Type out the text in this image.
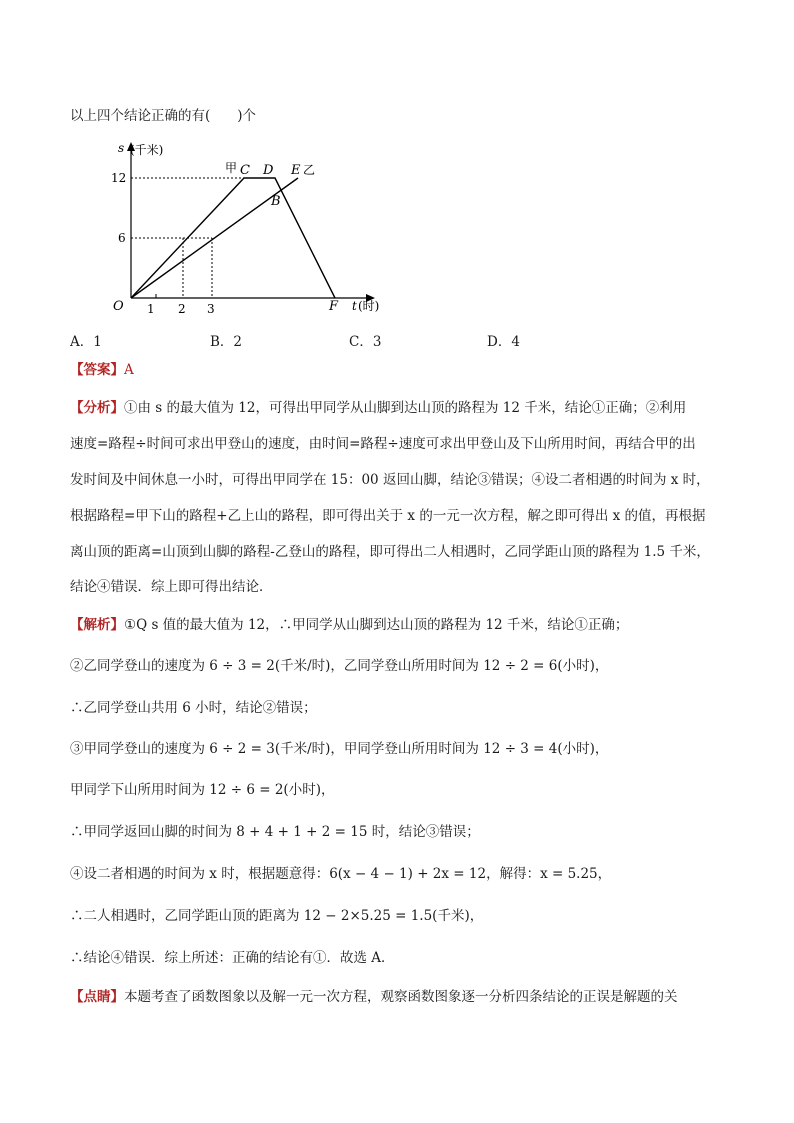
以上四个结论正确的有(　　)个
s (千米)
12
6
O 1 2 3	t (时)
甲 C D E 乙
B
F
A．1	B．2	C．3	D．4
【答案】A
【分析】①由 s 的最大值为 12，可得出甲同学从山脚到达山顶的路程为 12 千米，结论①正确；②利用
速度=路程÷时间可求出甲登山的速度，由时间=路程÷速度可求出甲登山及下山所用时间，再结合甲的出
发时间及中间休息一小时，可得出甲同学在 15：00 返回山脚，结论③错误；④设二者相遇的时间为 x 时，
根据路程=甲下山的路程+乙上山的路程，即可得出关于 x 的一元一次方程，解之即可得出 x 的值，再根据
离山顶的距离=山顶到山脚的路程-乙登山的路程，即可得出二人相遇时，乙同学距山顶的路程为 1.5 千米，
结论④错误．综上即可得出结论．
【解析】①Q s 值的最大值为 12，∴甲同学从山脚到达山顶的路程为 12 千米，结论①正确；
②乙同学登山的速度为 6 ÷ 3 = 2(千米/时)，乙同学登山所用时间为 12 ÷ 2 = 6(小时)，
∴乙同学登山共用 6 小时，结论②错误；
③甲同学登山的速度为 6 ÷ 2 = 3(千米/时)，甲同学登山所用时间为 12 ÷ 3 = 4(小时)，
甲同学下山所用时间为 12 ÷ 6 = 2(小时)，
∴甲同学返回山脚的时间为 8 + 4 + 1 + 2 = 15 时，结论③错误；
④设二者相遇的时间为 x 时，根据题意得：6(x − 4 − 1) + 2x = 12，解得：x = 5.25，
∴二人相遇时，乙同学距山顶的距离为 12 − 2×5.25 = 1.5(千米)，
∴结论④错误．综上所述：正确的结论有①．故选 A．
【点睛】本题考查了函数图象以及解一元一次方程，观察函数图象逐一分析四条结论的正误是解题的关
